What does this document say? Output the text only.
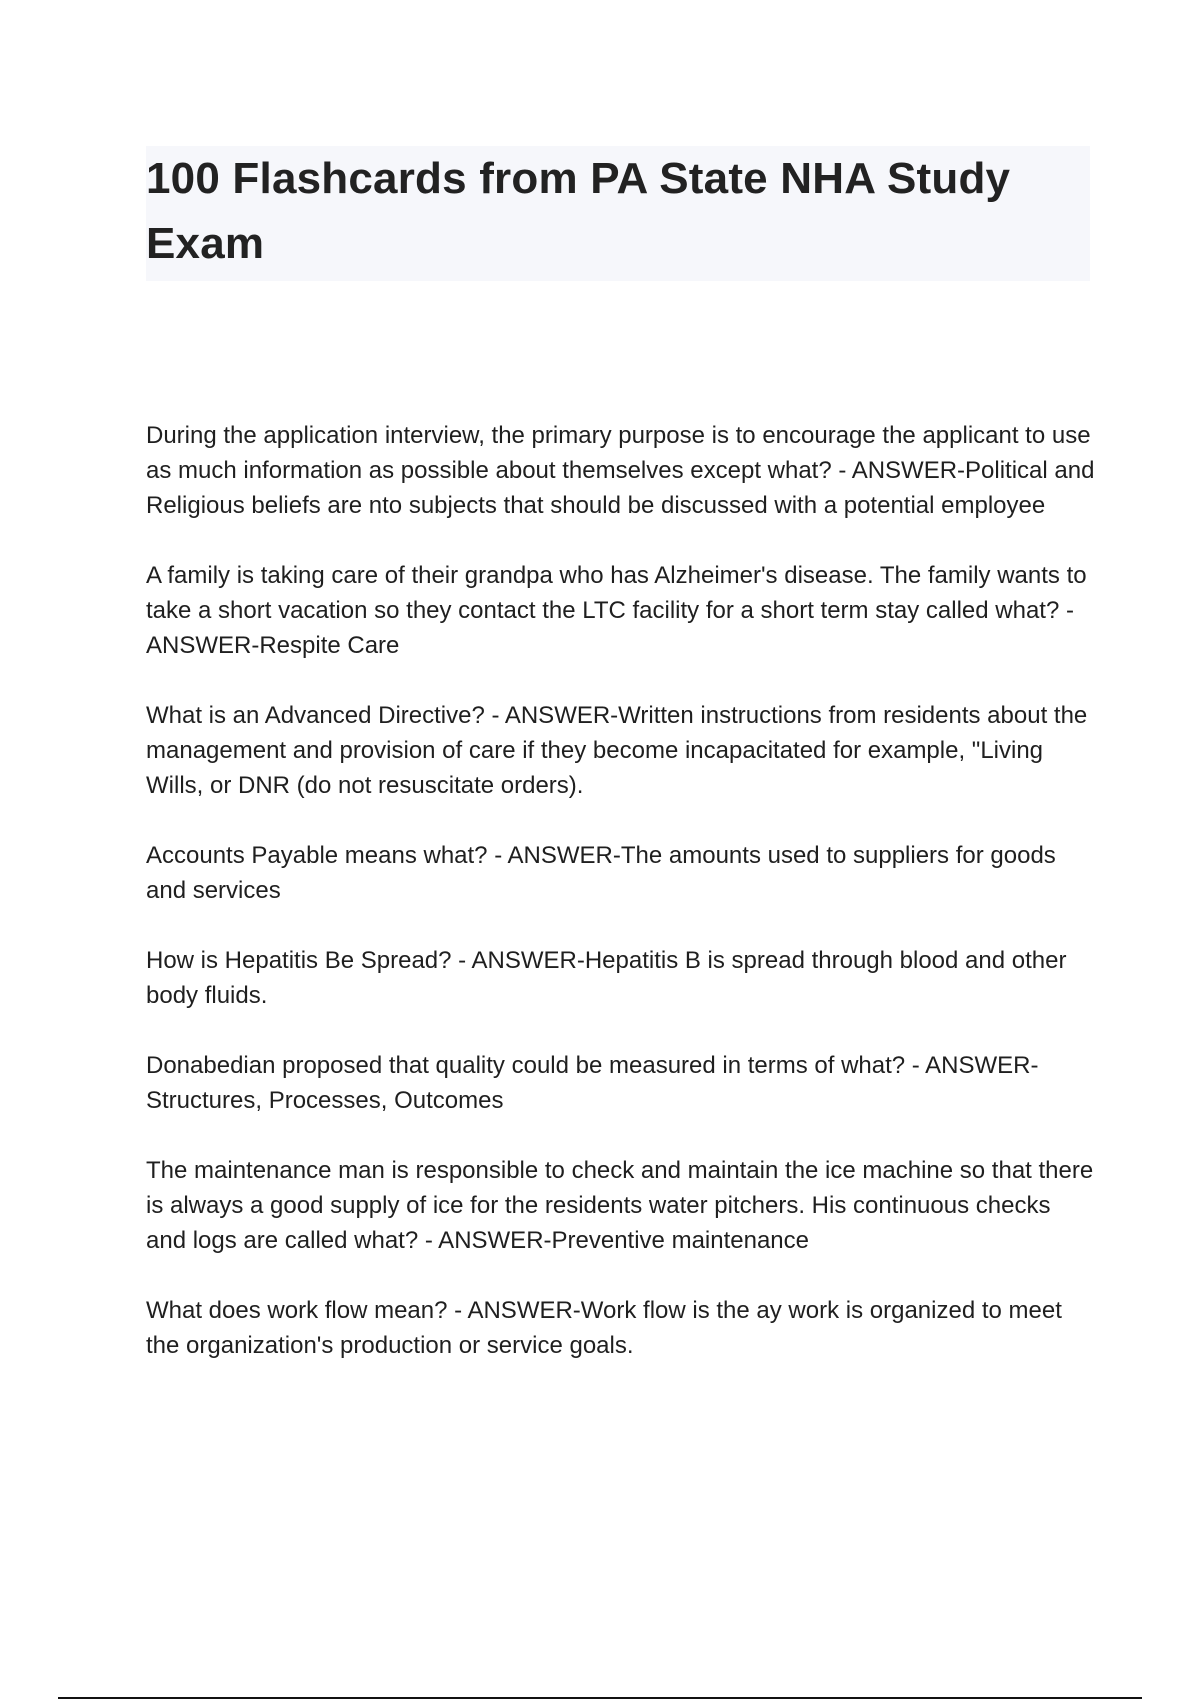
100 Flashcards from PA State NHA Study Exam

During the application interview, the primary purpose is to encourage the applicant to use as much information as possible about themselves except what? - ANSWER-Political and Religious beliefs are nto subjects that should be discussed with a potential employee

A family is taking care of their grandpa who has Alzheimer's disease. The family wants to take a short vacation so they contact the LTC facility for a short term stay called what? - ANSWER-Respite Care

What is an Advanced Directive? - ANSWER-Written instructions from residents about the management and provision of care if they become incapacitated for example, "Living Wills, or DNR (do not resuscitate orders).

Accounts Payable means what? - ANSWER-The amounts used to suppliers for goods and services

How is Hepatitis Be Spread? - ANSWER-Hepatitis B is spread through blood and other body fluids.

Donabedian proposed that quality could be measured in terms of what? - ANSWER-Structures, Processes, Outcomes

The maintenance man is responsible to check and maintain the ice machine so that there is always a good supply of ice for the residents water pitchers. His continuous checks and logs are called what? - ANSWER-Preventive maintenance

What does work flow mean? - ANSWER-Work flow is the ay work is organized to meet the organization's production or service goals.
